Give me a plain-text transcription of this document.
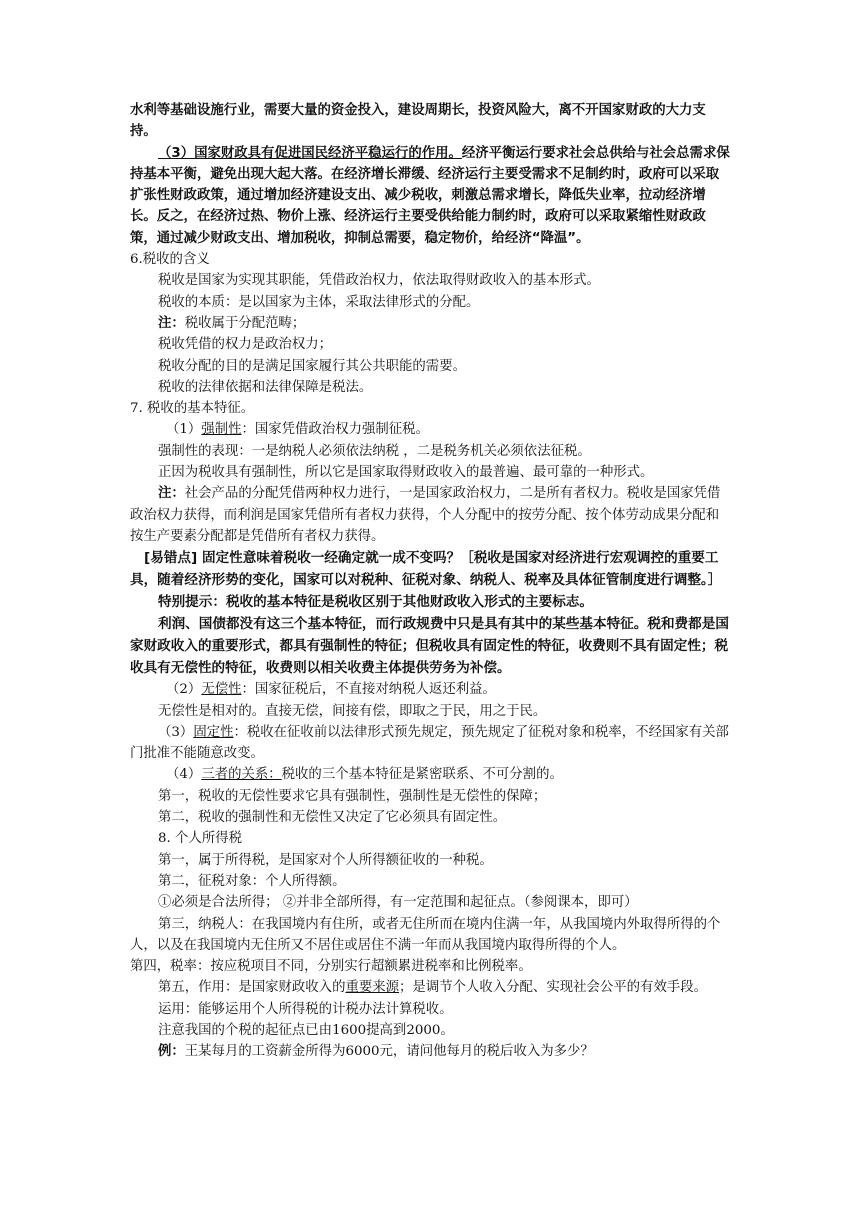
水利等基础设施行业，需要大量的资金投入，建设周期长，投资风险大，离不开国家财政的大力支持。

（3）国家财政具有促进国民经济平稳运行的作用。经济平衡运行要求社会总供给与社会总需求保持基本平衡，避免出现大起大落。在经济增长滞缓、经济运行主要受需求不足制约时，政府可以采取扩张性财政政策，通过增加经济建设支出、减少税收，刺激总需求增长，降低失业率，拉动经济增长。反之，在经济过热、物价上涨、经济运行主要受供给能力制约时，政府可以采取紧缩性财政政策，通过减少财政支出、增加税收，抑制总需要，稳定物价，给经济“降温”。

6.税收的含义

税收是国家为实现其职能，凭借政治权力，依法取得财政收入的基本形式。

税收的本质：是以国家为主体，采取法律形式的分配。

注：税收属于分配范畴；

税收凭借的权力是政治权力；

税收分配的目的是满足国家履行其公共职能的需要。

税收的法律依据和法律保障是税法。

7. 税收的基本特征。

（1）强制性：国家凭借政治权力强制征税。

强制性的表现：一是纳税人必须依法纳税 ，二是税务机关必须依法征税。

正因为税收具有强制性，所以它是国家取得财政收入的最普遍、最可靠的一种形式。

注：社会产品的分配凭借两种权力进行，一是国家政治权力，二是所有者权力。税收是国家凭借政治权力获得，而利润是国家凭借所有者权力获得，个人分配中的按劳分配、按个体劳动成果分配和按生产要素分配都是凭借所有者权力获得。

[易错点] 固定性意味着税收一经确定就一成不变吗？［税收是国家对经济进行宏观调控的重要工具，随着经济形势的变化，国家可以对税种、征税对象、纳税人、税率及具体征管制度进行调整。］

特别提示：税收的基本特征是税收区别于其他财政收入形式的主要标志。

利润、国债都没有这三个基本特征，而行政规费中只是具有其中的某些基本特征。税和费都是国家财政收入的重要形式，都具有强制性的特征；但税收具有固定性的特征，收费则不具有固定性；税收具有无偿性的特征，收费则以相关收费主体提供劳务为补偿。

（2）无偿性：国家征税后，不直接对纳税人返还利益。

无偿性是相对的。直接无偿，间接有偿，即取之于民，用之于民。

（3）固定性：税收在征收前以法律形式预先规定，预先规定了征税对象和税率，不经国家有关部门批准不能随意改变。

（4）三者的关系：税收的三个基本特征是紧密联系、不可分割的。

第一，税收的无偿性要求它具有强制性，强制性是无偿性的保障；

第二，税收的强制性和无偿性又决定了它必须具有固定性。

8. 个人所得税

第一，属于所得税，是国家对个人所得额征收的一种税。

第二，征税对象：个人所得额。

①必须是合法所得； ②并非全部所得，有一定范围和起征点。（参阅课本，即可）

第三，纳税人：在我国境内有住所，或者无住所而在境内住满一年，从我国境内外取得所得的个人，以及在我国境内无住所又不居住或居住不满一年而从我国境内取得所得的个人。

第四，税率：按应税项目不同，分别实行超额累进税率和比例税率。

第五，作用：是国家财政收入的重要来源；是调节个人收入分配、实现社会公平的有效手段。

运用：能够运用个人所得税的计税办法计算税收。

注意我国的个税的起征点已由1600提高到2000。

例：王某每月的工资薪金所得为6000元，请问他每月的税后收入为多少？
